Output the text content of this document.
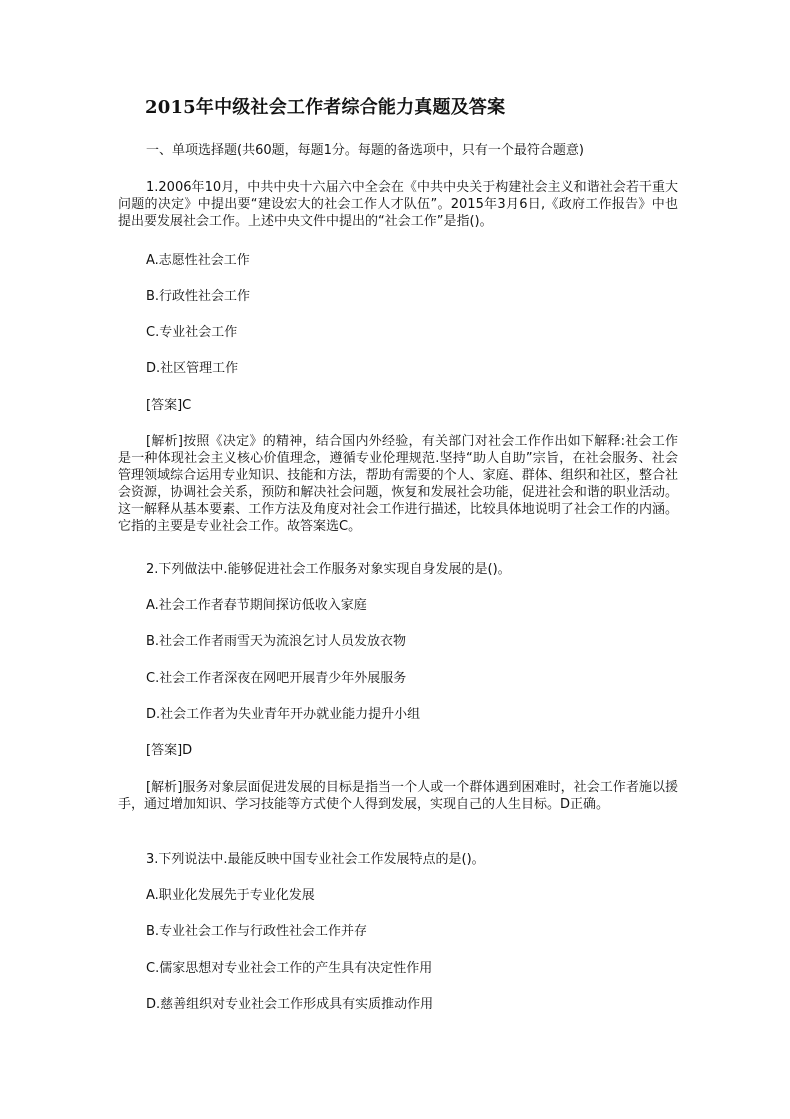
2015年中级社会工作者综合能力真题及答案
一、单项选择题(共60题，每题1分。每题的备选项中，只有一个最符合题意)
1.2006年10月，中共中央十六届六中全会在《中共中央关于构建社会主义和谐社会若干重大问题的决定》中提出要“建设宏大的社会工作人才队伍”。2015年3月6日,《政府工作报告》中也提出要发展社会工作。上述中央文件中提出的“社会工作”是指()。
A.志愿性社会工作
B.行政性社会工作
C.专业社会工作
D.社区管理工作
[答案]C
[解析]按照《决定》的精神，结合国内外经验，有关部门对社会工作作出如下解释:社会工作是一种体现社会主义核心价值理念，遵循专业伦理规范.坚持“助人自助”宗旨，在社会服务、社会管理领域综合运用专业知识、技能和方法，帮助有需要的个人、家庭、群体、组织和社区，整合社会资源，协调社会关系，预防和解决社会问题，恢复和发展社会功能，促进社会和谐的职业活动。这一解释从基本要素、工作方法及角度对社会工作进行描述，比较具体地说明了社会工作的内涵。它指的主要是专业社会工作。故答案选C。
2.下列做法中.能够促进社会工作服务对象实现自身发展的是()。
A.社会工作者春节期间探访低收入家庭
B.社会工作者雨雪天为流浪乞讨人员发放衣物
C.社会工作者深夜在网吧开展青少年外展服务
D.社会工作者为失业青年开办就业能力提升小组
[答案]D
[解析]服务对象层面促进发展的目标是指当一个人或一个群体遇到困难时，社会工作者施以援手，通过增加知识、学习技能等方式使个人得到发展，实现自己的人生目标。D正确。
3.下列说法中.最能反映中国专业社会工作发展特点的是()。
A.职业化发展先于专业化发展
B.专业社会工作与行政性社会工作并存
C.儒家思想对专业社会工作的产生具有决定性作用
D.慈善组织对专业社会工作形成具有实质推动作用
